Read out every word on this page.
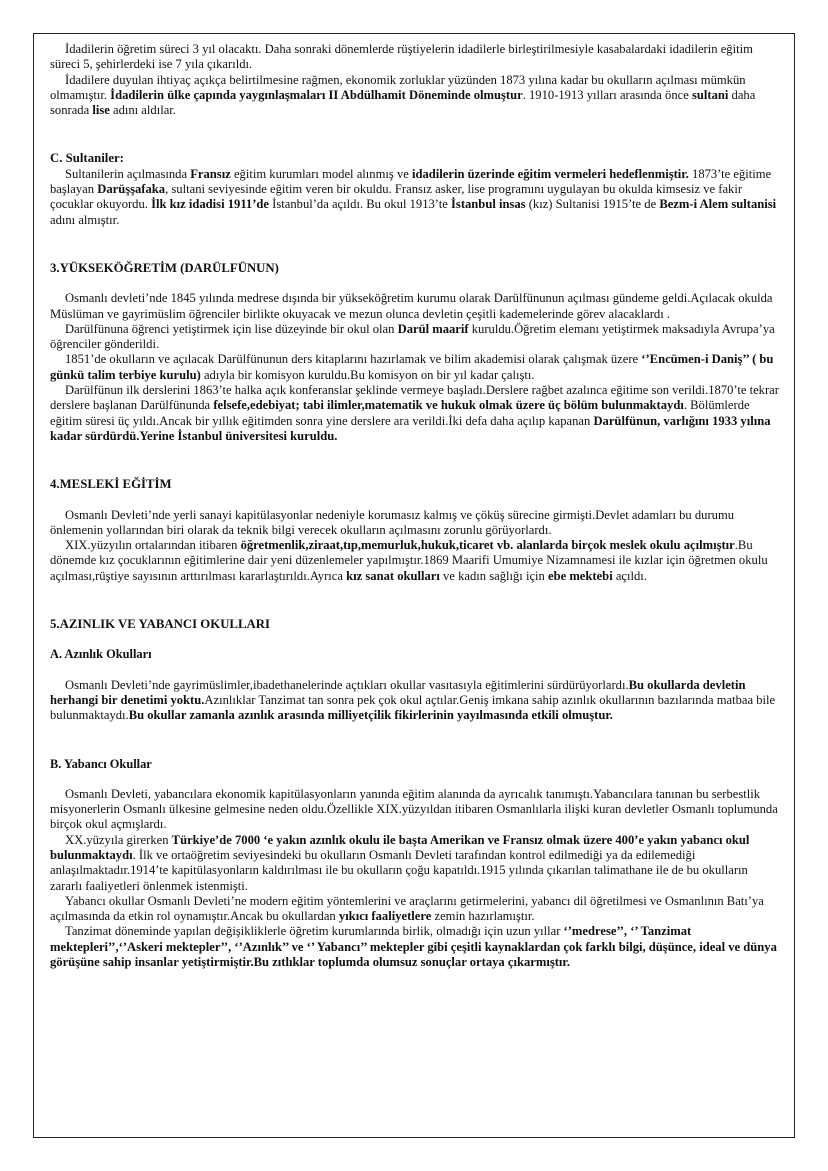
İdadilerin öğretim süreci 3 yıl olacaktı. Daha sonraki dönemlerde rüştiyelerin idadilerle birleştirilmesiyle kasabalardaki idadilerin eğitim süreci 5, şehirlerdeki ise 7 yıla çıkarıldı.

İdadilere duyulan ihtiyaç açıkça belirtilmesine rağmen, ekonomik zorluklar yüzünden 1873 yılına kadar bu okulların açılması mümkün olmamıştır. İdadilerin ülke çapında yaygınlaşmaları II Abdülhamit Döneminde olmuştur. 1910-1913 yılları arasında önce sultani daha sonrada lise adını aldılar.

C. Sultaniler:

Sultanilerin açılmasında Fransız eğitim kurumları model alınmış ve idadilerin üzerinde eğitim vermeleri hedeflenmiştir. 1873’te eğitime başlayan Darüşşafaka, sultani seviyesinde eğitim veren bir okuldu. Fransız asker, lise programını uygulayan bu okulda kimsesiz ve fakir çocuklar okuyordu. İlk kız idadisi 1911’de İstanbul’da açıldı. Bu okul 1913’te İstanbul insas (kız) Sultanisi 1915’te de Bezm-i Alem sultanisi adını almıştır.

3.YÜKSEKÖĞRETİM (DARÜLFÜNUN)

Osmanlı devleti’nde 1845 yılında medrese dışında bir yükseköğretim kurumu olarak Darülfünunun açılması gündeme geldi.Açılacak okulda Müslüman ve gayrimüslim öğrenciler birlikte okuyacak ve mezun olunca devletin çeşitli kademelerinde görev alacaklardı .

Darülfünuna öğrenci yetiştirmek için lise düzeyinde bir okul olan Darül maarif kuruldu.Öğretim elemanı yetiştirmek maksadıyla Avrupa’ya öğrenciler gönderildi.

1851’de okulların ve açılacak Darülfünunun ders kitaplarını hazırlamak ve bilim akademisi olarak çalışmak üzere ‘’Encümen-i Daniş’’ ( bu günkü talim terbiye kurulu) adıyla bir komisyon kuruldu.Bu komisyon on bir yıl kadar çalıştı.

Darülfünun ilk derslerini 1863’te halka açık konferanslar şeklinde vermeye başladı.Derslere rağbet azalınca eğitime son verildi.1870’te tekrar derslere başlanan Darülfünunda felsefe,edebiyat; tabi ilimler,matematik ve hukuk olmak üzere üç bölüm bulunmaktaydı. Bölümlerde eğitim süresi üç yıldı.Ancak bir yıllık eğitimden sonra yine derslere ara verildi.İki defa daha açılıp kapanan Darülfünun, varlığını 1933 yılına kadar sürdürdü.Yerine İstanbul üniversitesi kuruldu.

4.MESLEKİ EĞİTİM

Osmanlı Devleti’nde yerli sanayi kapitülasyonlar nedeniyle korumasız kalmış ve çöküş sürecine girmişti.Devlet adamları bu durumu önlemenin yollarından biri olarak da teknik bilgi verecek okulların açılmasını zorunlu görüyorlardı.

XIX.yüzyılın ortalarından itibaren öğretmenlik,ziraat,tıp,memurluk,hukuk,ticaret vb. alanlarda birçok meslek okulu açılmıştır.Bu dönemde kız çocuklarının eğitimlerine dair yeni düzenlemeler yapılmıştır.1869 Maarifi Umumiye Nizamnamesi ile kızlar için öğretmen okulu açılması,rüştiye sayısının arttırılması kararlaştırıldı.Ayrıca kız sanat okulları ve kadın sağlığı için ebe mektebi açıldı.

5.AZINLIK VE YABANCI OKULLARI
A. Azınlık Okulları

Osmanlı Devleti’nde gayrimüslimler,ibadethanelerinde açtıkları okullar vasıtasıyla eğitimlerini sürdürüyorlardı.Bu okullarda devletin herhangi bir denetimi yoktu.Azınlıklar Tanzimat tan sonra pek çok okul açtılar.Geniş imkana sahip azınlık okullarının bazılarında matbaa bile bulunmaktaydı.Bu okullar zamanla azınlık arasında milliyetçilik fikirlerinin yayılmasında etkili olmuştur.

B. Yabancı Okullar

Osmanlı Devleti, yabancılara ekonomik kapitülasyonların yanında eğitim alanında da ayrıcalık tanımıştı.Yabancılara tanınan bu serbestlik misyonerlerin Osmanlı ülkesine gelmesine neden oldu.Özellikle XIX.yüzyıldan itibaren Osmanlılarla ilişki kuran devletler Osmanlı toplumunda birçok okul açmışlardı.

XX.yüzyıla girerken Türkiye’de 7000 ‘e yakın azınlık okulu ile başta Amerikan ve Fransız olmak üzere 400’e yakın yabancı okul bulunmaktaydı. İlk ve ortaöğretim seviyesindeki bu okulların Osmanlı Devleti tarafından kontrol edilmediği ya da edilemediği anlaşılmaktadır.1914’te kapitülasyonların kaldırılması ile bu okulların çoğu kapatıldı.1915 yılında çıkarılan talimathane ile de bu okulların zararlı faaliyetleri önlenmek istenmişti.

Yabancı okullar Osmanlı Devleti’ne modern eğitim yöntemlerini ve araçlarını getirmelerini, yabancı dil öğretilmesi ve Osmanlının Batı’ya açılmasında da etkin rol oynamıştır.Ancak bu okullardan yıkıcı faaliyetlere zemin hazırlamıştır.

Tanzimat döneminde yapılan değişikliklerle öğretim kurumlarında birlik, olmadığı için uzun yıllar ‘’medrese’’, ‘’ Tanzimat mektepleri’’,‘’Askeri mektepler’’, ‘’Azınlık’’ ve ‘’ Yabancı’’ mektepler gibi çeşitli kaynaklardan çok farklı bilgi, düşünce, ideal ve dünya görüşüne sahip insanlar yetiştirmiştir.Bu zıtlıklar toplumda olumsuz sonuçlar ortaya çıkarmıştır.
